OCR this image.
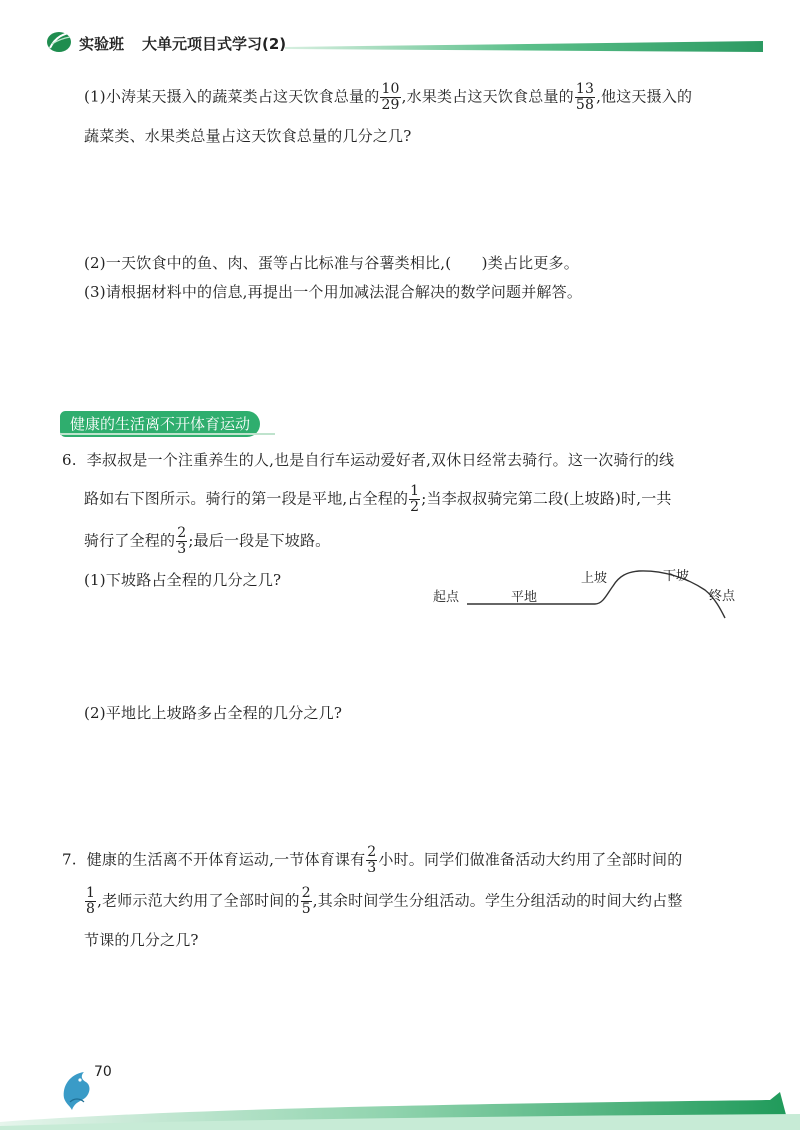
实验班 大单元项目式学习(2)
(1)小涛某天摄入的蔬菜类占这天饮食总量的 $\frac{10}{29}$ ,水果类占这天饮食总量的 $\frac{13}{58}$ ,他这天摄入的
蔬菜类、水果类总量占这天饮食总量的几分之几?
(2)一天饮食中的鱼、肉、蛋等占比标准与谷薯类相比,(　　)类占比更多。
(3)请根据材料中的信息,再提出一个用加减法混合解决的数学问题并解答。
健康的生活离不开体育运动
6. 李叔叔是一个注重养生的人,也是自行车运动爱好者,双休日经常去骑行。这一次骑行的线
路如右下图所示。骑行的第一段是平地,占全程的 $\frac{1}{2}$ ;当李叔叔骑完第二段(上坡路)时,一共
骑行了全程的 $\frac{2}{3}$ ;最后一段是下坡路。
(1)下坡路占全程的几分之几?
起点	平地
上坡	下坡
终点
(2)平地比上坡路多占全程的几分之几?
7. 健康的生活离不开体育运动,一节体育课有 $\frac{2}{3}$ 小时。同学们做准备活动大约用了全部时间的
$\frac{1}{8}$ ,老师示范大约用了全部时间的 $\frac{2}{5}$ ,其余时间学生分组活动。学生分组活动的时间大约占整
节课的几分之几?
70
